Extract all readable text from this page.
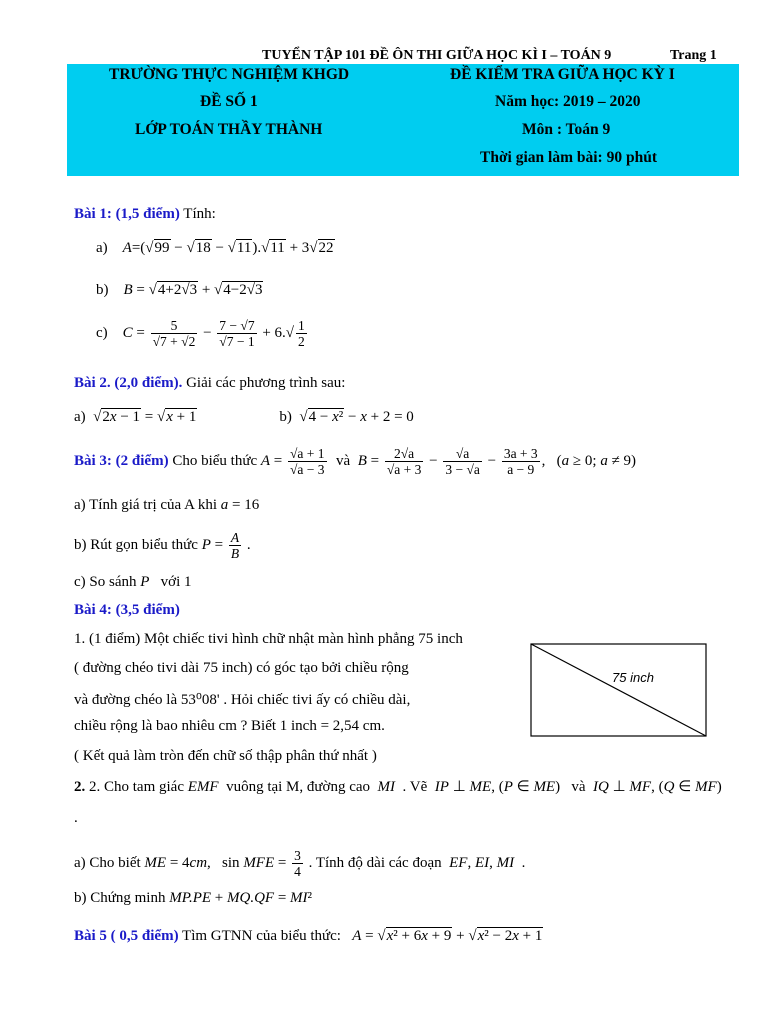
TUYỂN TẬP 101 ĐỀ ÔN THI GIỮA HỌC KÌ I – TOÁN 9	Trang 1
TRƯỜNG THỰC NGHIỆM KHGD
ĐỀ SỐ 1
LỚP TOÁN THẦY THÀNH
ĐỀ KIỂM TRA GIỮA HỌC KỲ I
Năm học: 2019 – 2020
Môn : Toán 9
Thời gian làm bài: 90 phút
Bài 1: (1,5 điểm) Tính:
a)    A=(√99 − √18 − √11).√11 + 3√22
b)    B = √4+2√3 + √4−2√3
c)    $C = \frac{5}{√7 + √2} - \frac{7 - √7}{√7 - 1} + 6.√ \frac{1}{2}$
Bài 2. (2,0 điểm). Giải các phương trình sau:
a)  √2x − 1 = √x + 1	b)  √4 − x² − x + 2 = 0
Bài 3: (2 điểm) Cho biểu thức $A = \frac{√a + 1}{√a - 3}$ và  $B = \frac{2√a}{√a + 3} - \frac{√a}{3 - √a} - \frac{3a + 3}{a - 9}$ ,   (a ≥ 0; a ≠ 9)
a) Tính giá trị của A khi a = 16
b) Rút gọn biểu thức $P = \frac{A}{B}$ .
c) So sánh P   với 1
Bài 4: (3,5 điểm)
1. (1 điểm) Một chiếc tivi hình chữ nhật màn hình phẳng 75 inch
( đường chéo tivi dài 75 inch) có góc tạo bởi chiều rộng
và đường chéo là 53⁰08' . Hỏi chiếc tivi ấy có chiều dài,
chiều rộng là bao nhiêu cm ? Biết 1 inch = 2,54 cm.
( Kết quả làm tròn đến chữ số thập phân thứ nhất )
75 inch
2. 2. Cho tam giác EMF  vuông tại M, đường cao  MI  . Vẽ  IP ⊥ ME, (P ∈ ME)   và  IQ ⊥ MF, (Q ∈ MF)
.
a) Cho biết ME = 4cm,   sin MFE = $\frac{3}{4}$ . Tính độ dài các đoạn  EF, EI, MI  .
b) Chứng minh MP.PE + MQ.QF = MI²
Bài 5 ( 0,5 điểm) Tìm GTNN của biểu thức: A = √x² + 6x + 9 + √x² − 2x + 1
